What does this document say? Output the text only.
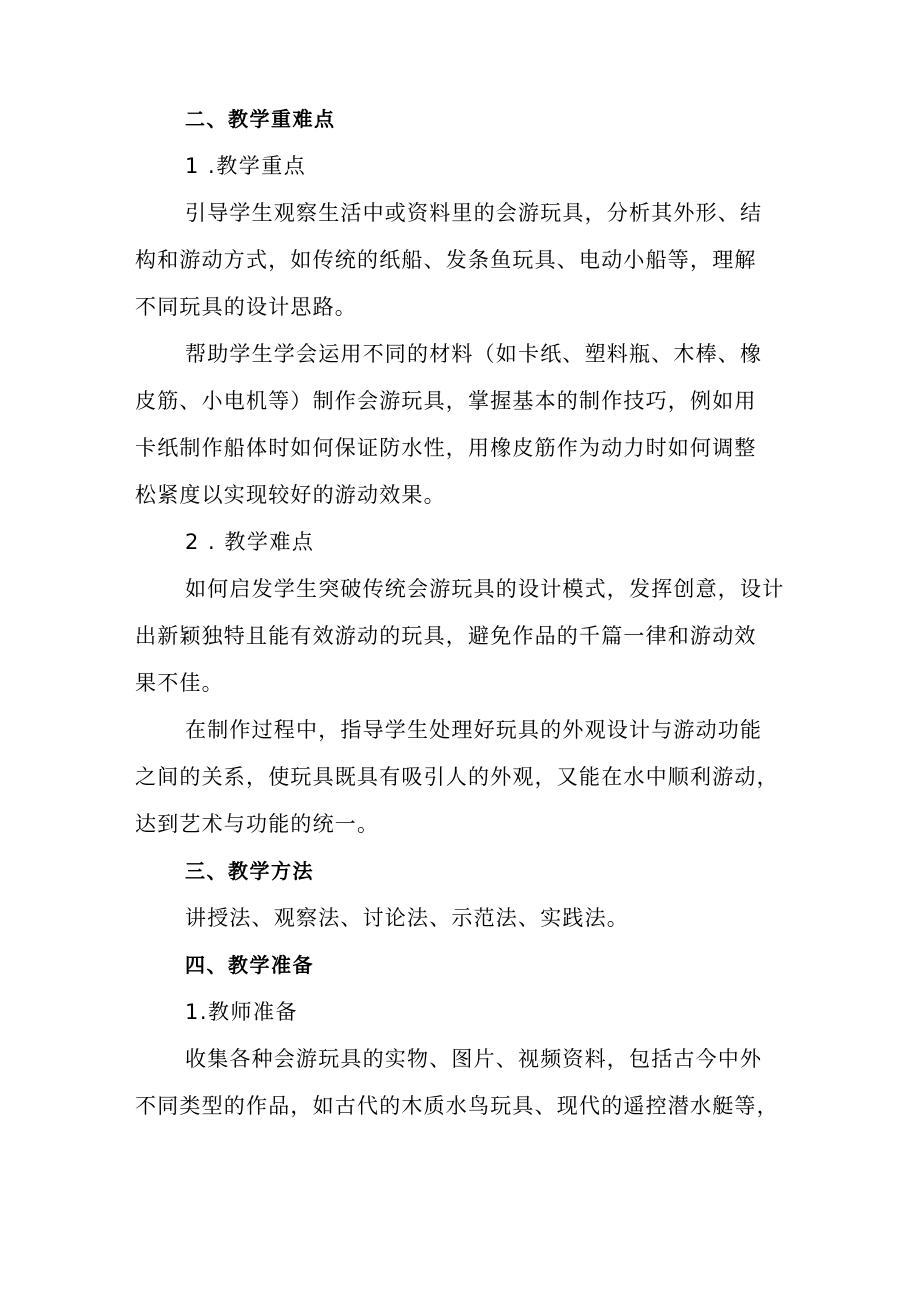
二、教学重难点
1 .教学重点
引导学生观察生活中或资料里的会游玩具，分析其外形、结
构和游动方式，如传统的纸船、发条鱼玩具、电动小船等，理解
不同玩具的设计思路。
帮助学生学会运用不同的材料（如卡纸、塑料瓶、木棒、橡
皮筋、小电机等）制作会游玩具，掌握基本的制作技巧，例如用
卡纸制作船体时如何保证防水性，用橡皮筋作为动力时如何调整
松紧度以实现较好的游动效果。
2 . 教学难点
如何启发学生突破传统会游玩具的设计模式，发挥创意，设计
出新颖独特且能有效游动的玩具，避免作品的千篇一律和游动效
果不佳。
在制作过程中，指导学生处理好玩具的外观设计与游动功能
之间的关系，使玩具既具有吸引人的外观，又能在水中顺利游动，
达到艺术与功能的统一。
三、教学方法
讲授法、观察法、讨论法、示范法、实践法。
四、教学准备
1.教师准备
收集各种会游玩具的实物、图片、视频资料，包括古今中外
不同类型的作品，如古代的木质水鸟玩具、现代的遥控潜水艇等，
